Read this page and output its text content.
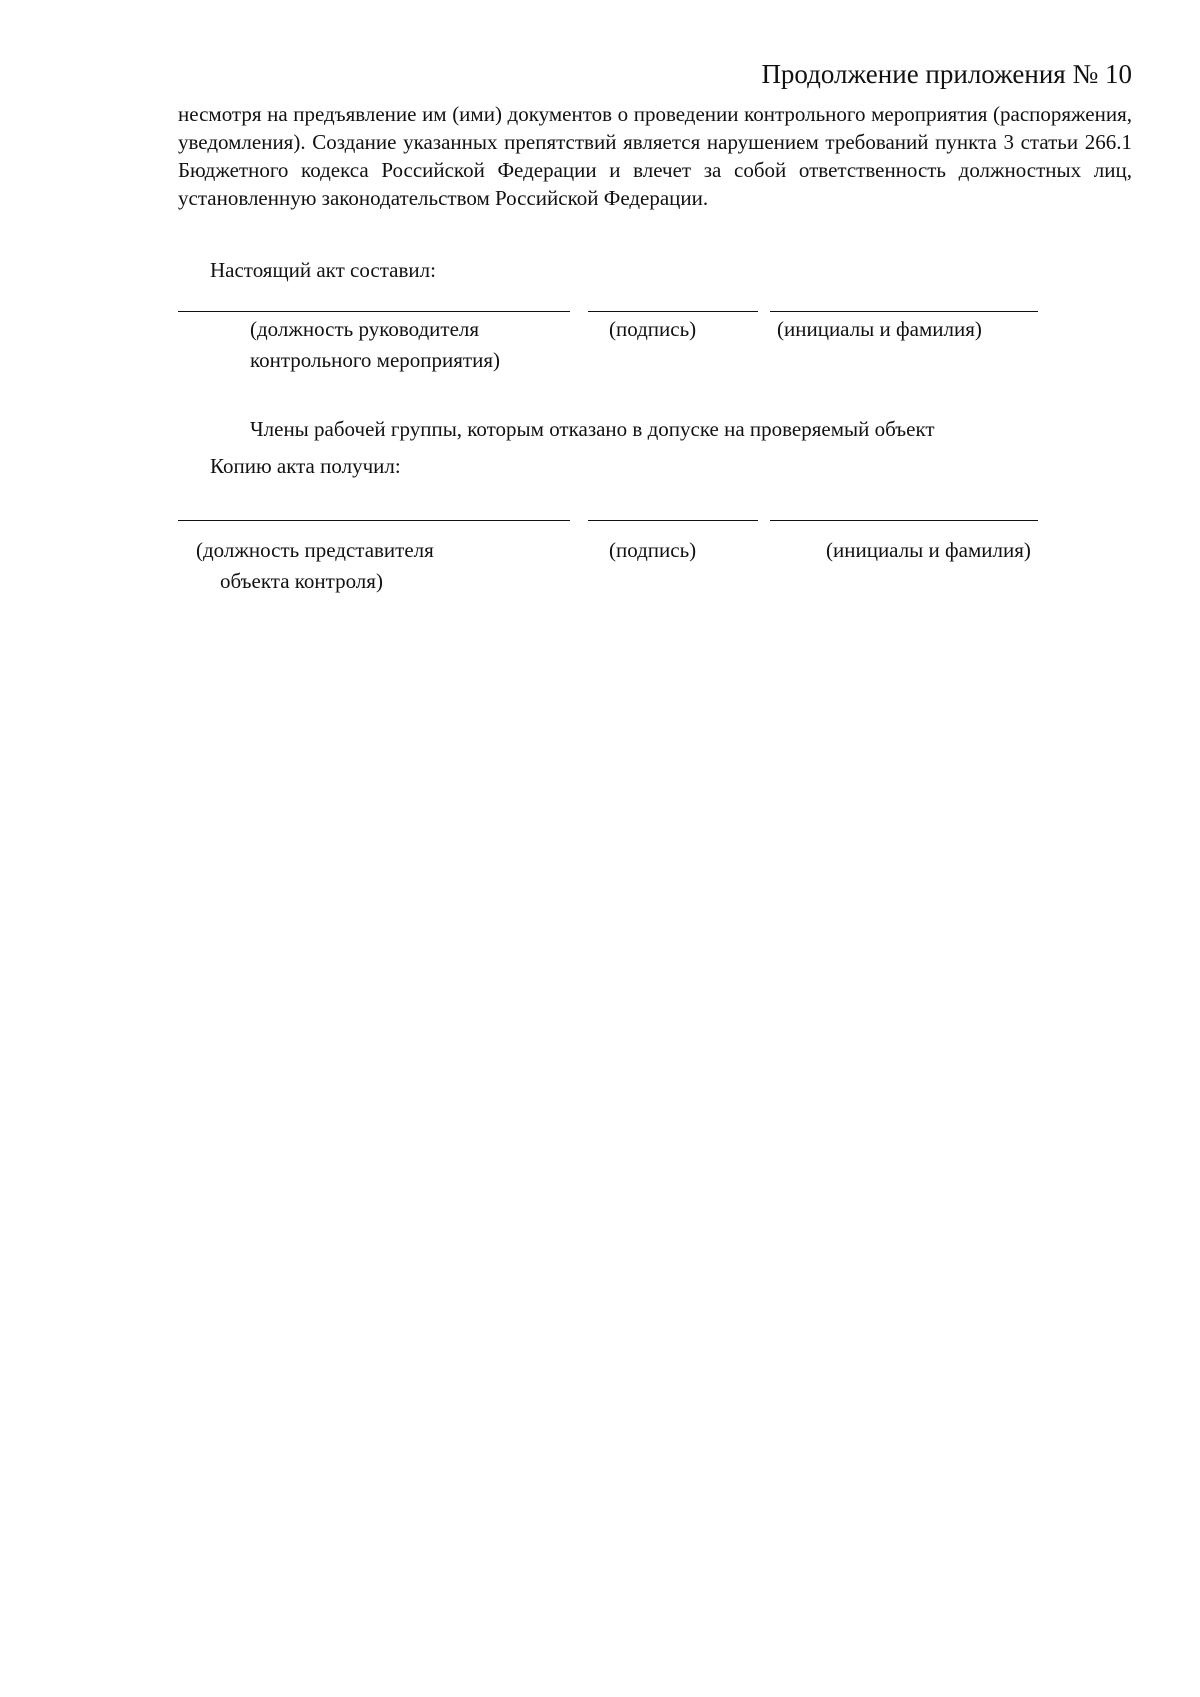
Продолжение приложения № 10

несмотря на предъявление им (ими) документов о проведении контрольного мероприятия (распоряжения, уведомления). Создание указанных препятствий является нарушением требований пункта 3 статьи 266.1 Бюджетного кодекса Российской Федерации и влечет за собой ответственность должностных лиц, установленную законодательством Российской Федерации.

Настоящий акт составил:
(должность руководителя
контрольного мероприятия)
(подпись)	(инициалы и фамилия)
Члены рабочей группы, которым отказано в допуске на проверяемый объект
Копию акта получил:
(должность представителя
объекта контроля)
(подпись)	(инициалы и фамилия)
